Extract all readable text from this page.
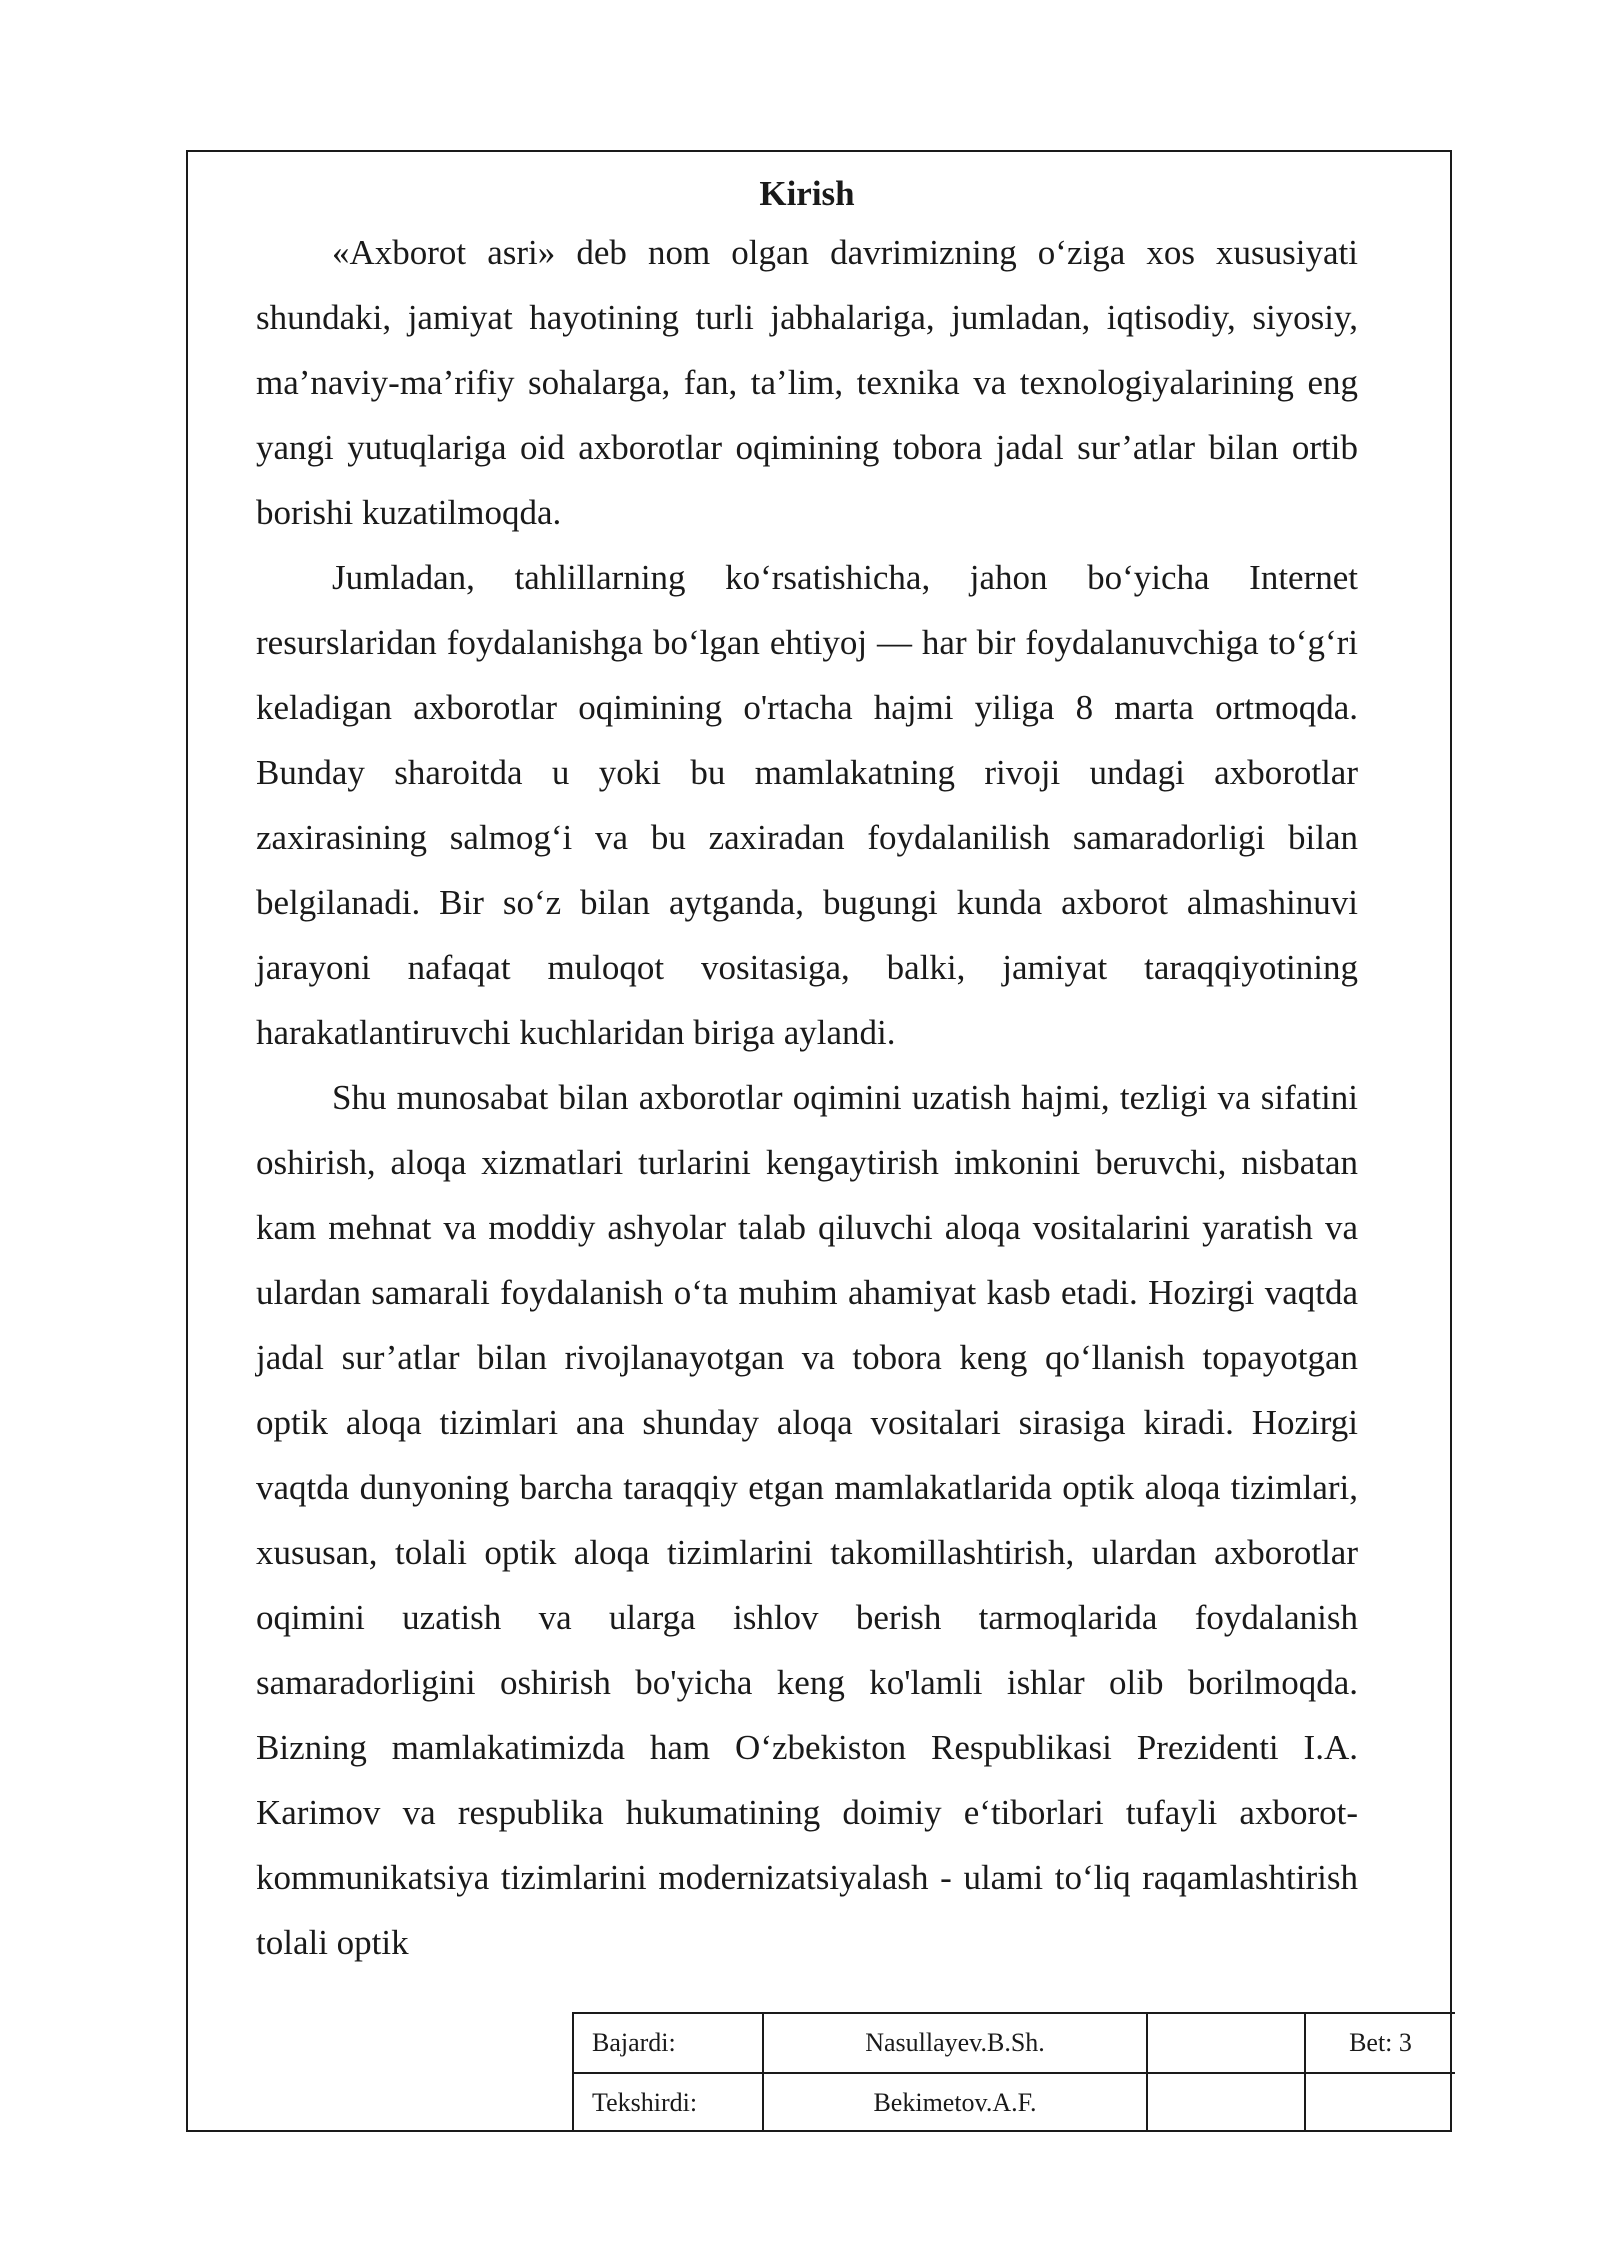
Kirish

«Axborot asri» deb nom olgan davrimizning o‘ziga xos xususiyati shundaki, jamiyat hayotining turli jabhalariga, jumladan, iqtisodiy, siyosiy, ma’naviy-ma’rifiy sohalarga, fan, ta’lim, texnika va texnologiyalarining eng yangi yutuqlariga oid axborotlar oqimining tobora jadal sur’atlar bilan ortib borishi kuzatilmoqda.

Jumladan, tahlillarning ko‘rsatishicha, jahon bo‘yicha Internet resurslaridan foydalanishga bo‘lgan ehtiyoj — har bir foydalanuvchiga to‘g‘ri keladigan axborotlar oqimining o'rtacha hajmi yiliga 8 marta ortmoqda. Bunday sharoitda u yoki bu mamlakatning rivoji undagi axborotlar zaxirasining salmog‘i va bu zaxiradan foydalanilish samaradorligi bilan belgilanadi. Bir so‘z bilan aytganda, bugungi kunda axborot almashinuvi jarayoni nafaqat muloqot vositasiga, balki, jamiyat taraqqiyotining harakatlantiruvchi kuchlaridan biriga aylandi.

Shu munosabat bilan axborotlar oqimini uzatish hajmi, tezligi va sifatini oshirish, aloqa xizmatlari turlarini kengaytirish imkonini beruvchi, nisbatan kam mehnat va moddiy ashyolar talab qiluvchi aloqa vositalarini yaratish va ulardan samarali foydalanish o‘ta muhim ahamiyat kasb etadi. Hozirgi vaqtda jadal sur’atlar bilan rivojlanayotgan va tobora keng qo‘llanish topayotgan optik aloqa tizimlari ana shunday aloqa vositalari sirasiga kiradi. Hozirgi vaqtda dunyoning barcha taraqqiy etgan mamlakatlarida optik aloqa tizimlari, xususan, tolali optik aloqa tizimlarini takomillashtirish, ulardan axborotlar oqimini uzatish va ularga ishlov berish tarmoqlarida foydalanish samaradorligini oshirish bo'yicha keng ko'lamli ishlar olib borilmoqda. Bizning mamlakatimizda ham O‘zbekiston Respublikasi Prezidenti I.A. Karimov va respublika hukumatining doimiy e‘tiborlari tufayli axborot-kommunikatsiya tizimlarini modernizatsiyalash - ulami to‘liq raqamlashtirish tolali optik

Bajardi:	Nasullayev.B.Sh.		Bet: 3
Tekshirdi:	Bekimetov.A.F.		
